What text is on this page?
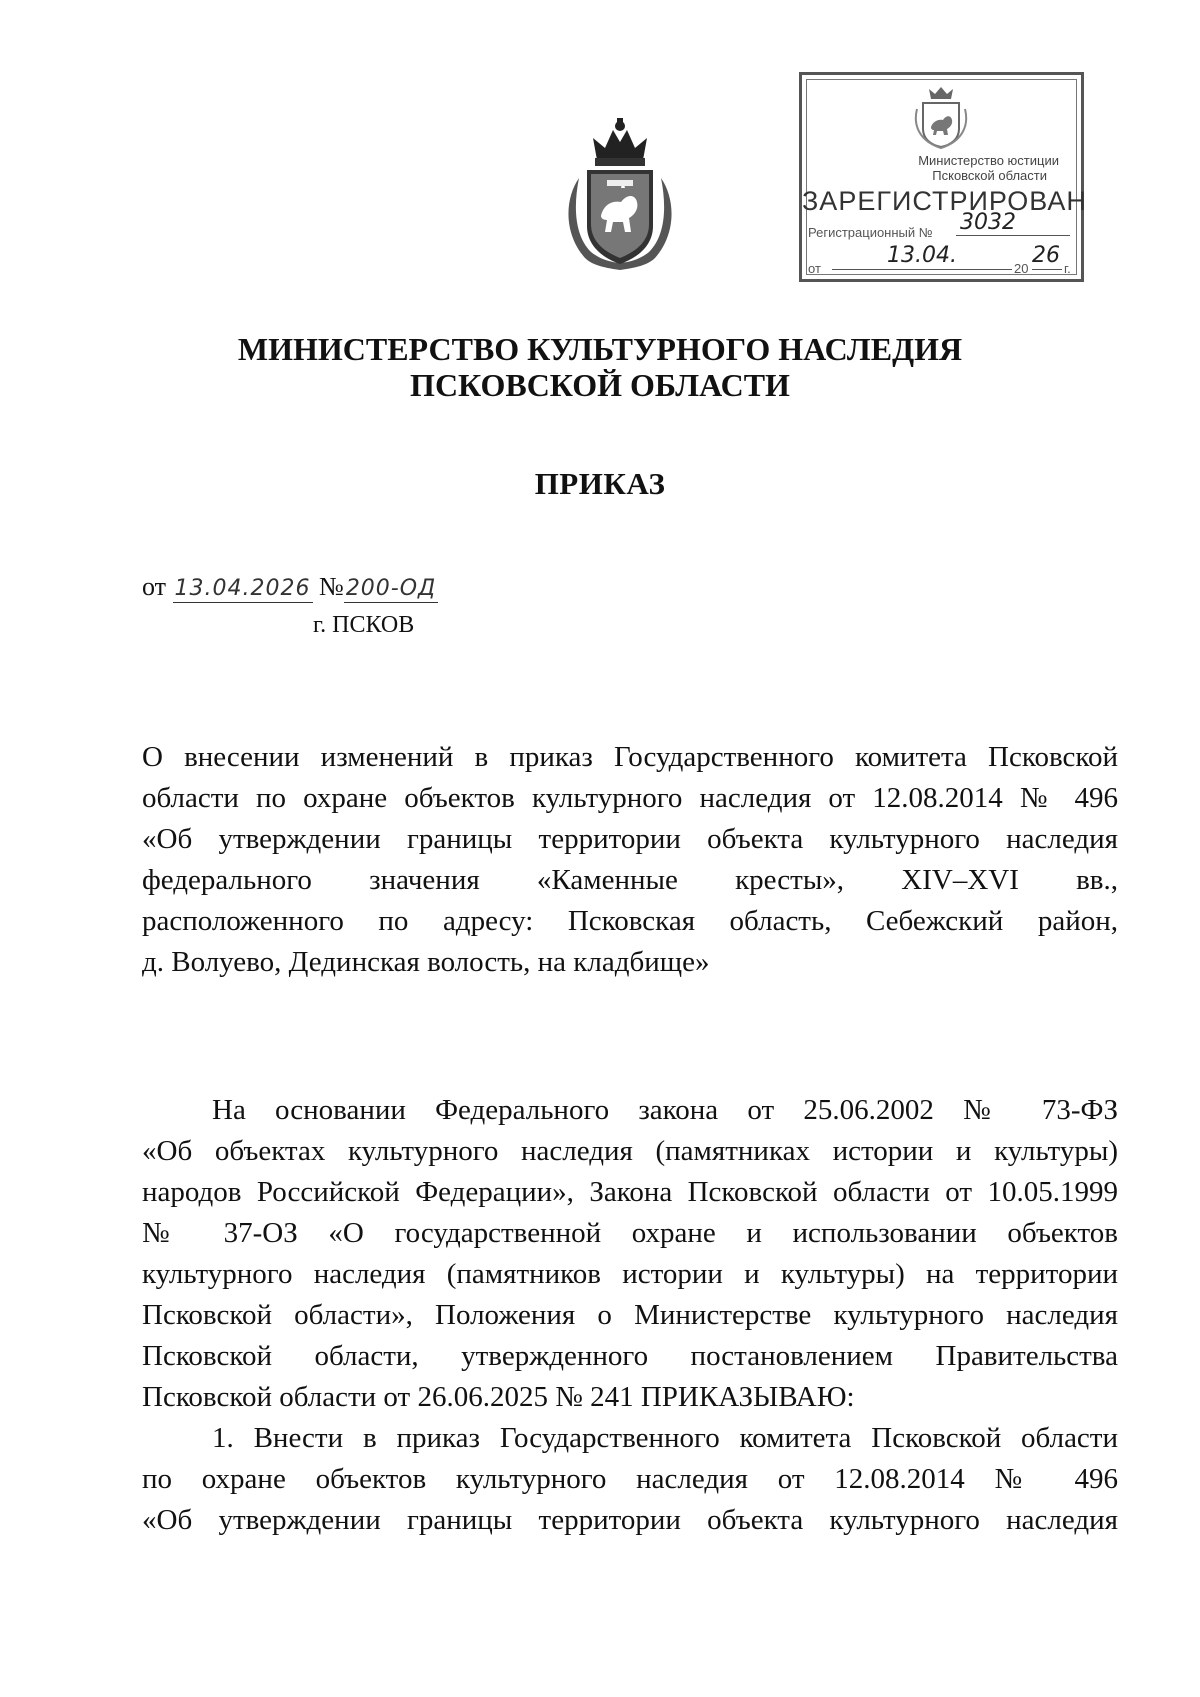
Министерство юстиции
Псковской области
ЗАРЕГИСТРИРОВАН
Регистрационный № 3032
от
13.04.
20
26
г.
МИНИСТЕРСТВО КУЛЬТУРНОГО НАСЛЕДИЯ
ПСКОВСКОЙ ОБЛАСТИ
ПРИКАЗ
от 13.04.2026 №200-ОД
г. ПСКОВ
О внесении изменений в приказ Государственного комитета Псковской
области по охране объектов культурного наследия от 12.08.2014 № 496
«Об утверждении границы территории объекта культурного наследия
федерального значения «Каменные кресты», XIV–XVI вв.,
расположенного по адресу: Псковская область, Себежский район,
д. Волуево, Дединская волость, на кладбище»
На основании Федерального закона от 25.06.2002 № 73-ФЗ
«Об объектах культурного наследия (памятниках истории и культуры)
народов Российской Федерации», Закона Псковской области от 10.05.1999
№ 37-ОЗ «О государственной охране и использовании объектов
культурного наследия (памятников истории и культуры) на территории
Псковской области», Положения о Министерстве культурного наследия
Псковской области, утвержденного постановлением Правительства
Псковской области от 26.06.2025 № 241 ПРИКАЗЫВАЮ:
1. Внести в приказ Государственного комитета Псковской области
по охране объектов культурного наследия от 12.08.2014 № 496
«Об утверждении границы территории объекта культурного наследия
